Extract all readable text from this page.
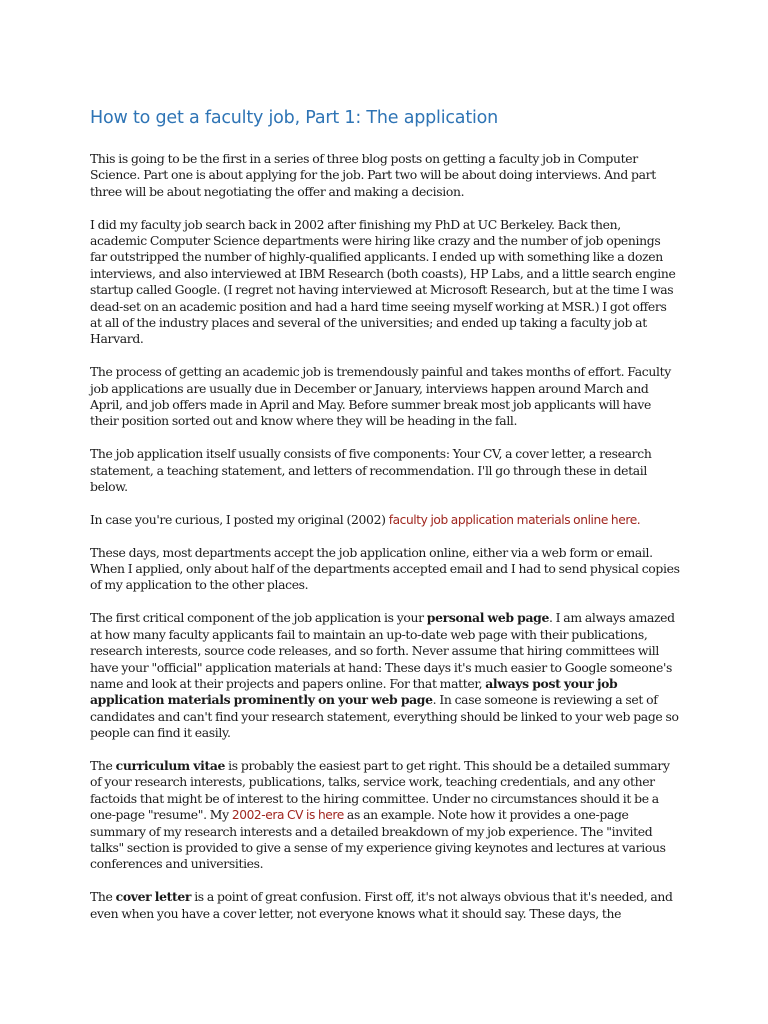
How to get a faculty job, Part 1: The application

This is going to be the first in a series of three blog posts on getting a faculty job in Computer Science. Part one is about applying for the job. Part two will be about doing interviews. And part three will be about negotiating the offer and making a decision.

I did my faculty job search back in 2002 after finishing my PhD at UC Berkeley. Back then, academic Computer Science departments were hiring like crazy and the number of job openings far outstripped the number of highly-qualified applicants. I ended up with something like a dozen interviews, and also interviewed at IBM Research (both coasts), HP Labs, and a little search engine startup called Google. (I regret not having interviewed at Microsoft Research, but at the time I was dead-set on an academic position and had a hard time seeing myself working at MSR.) I got offers at all of the industry places and several of the universities; and ended up taking a faculty job at Harvard.

The process of getting an academic job is tremendously painful and takes months of effort. Faculty job applications are usually due in December or January, interviews happen around March and April, and job offers made in April and May. Before summer break most job applicants will have their position sorted out and know where they will be heading in the fall.

The job application itself usually consists of five components: Your CV, a cover letter, a research statement, a teaching statement, and letters of recommendation. I'll go through these in detail below.

In case you're curious, I posted my original (2002) faculty job application materials online here.

These days, most departments accept the job application online, either via a web form or email. When I applied, only about half of the departments accepted email and I had to send physical copies of my application to the other places.

The first critical component of the job application is your personal web page. I am always amazed at how many faculty applicants fail to maintain an up-to-date web page with their publications, research interests, source code releases, and so forth. Never assume that hiring committees will have your "official" application materials at hand: These days it's much easier to Google someone's name and look at their projects and papers online. For that matter, always post your job application materials prominently on your web page. In case someone is reviewing a set of candidates and can't find your research statement, everything should be linked to your web page so people can find it easily.

The curriculum vitae is probably the easiest part to get right. This should be a detailed summary of your research interests, publications, talks, service work, teaching credentials, and any other factoids that might be of interest to the hiring committee. Under no circumstances should it be a one-page "resume". My 2002-era CV is here as an example. Note how it provides a one-page summary of my research interests and a detailed breakdown of my job experience. The "invited talks" section is provided to give a sense of my experience giving keynotes and lectures at various conferences and universities.

The cover letter is a point of great confusion. First off, it's not always obvious that it's needed, and even when you have a cover letter, not everyone knows what it should say. These days, the
